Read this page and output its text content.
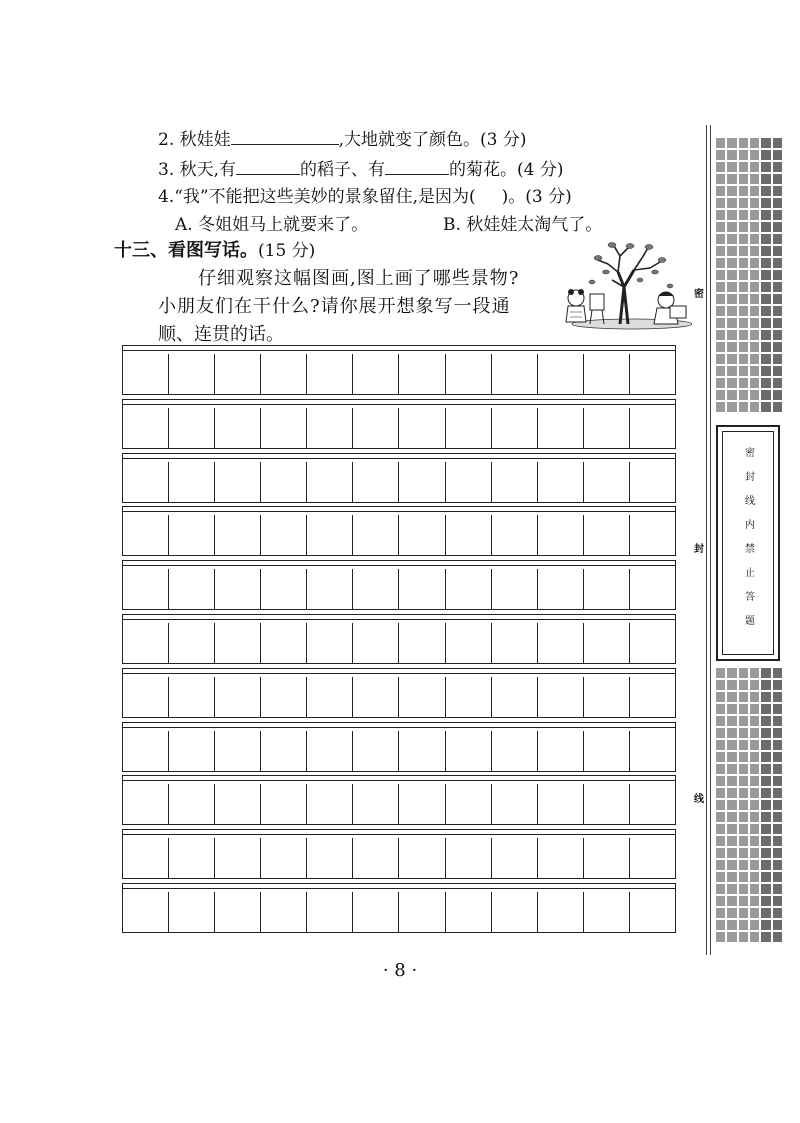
2. 秋娃娃	,大地就变了颜色。(3 分)
3. 秋天,有	的稻子、有	的菊花。(4 分)
4.“我”不能把这些美妙的景象留住,是因为( )。(3 分)
A. 冬姐姐马上就要来了。	B. 秋娃娃太淘气了。
十三、看图写话。(15 分)
仔细观察这幅图画,图上画了哪些景物?
小朋友们在干什么?请你展开想象写一段通
顺、连贯的话。
· 8 ·
密封线内禁止答题
密
封
线
